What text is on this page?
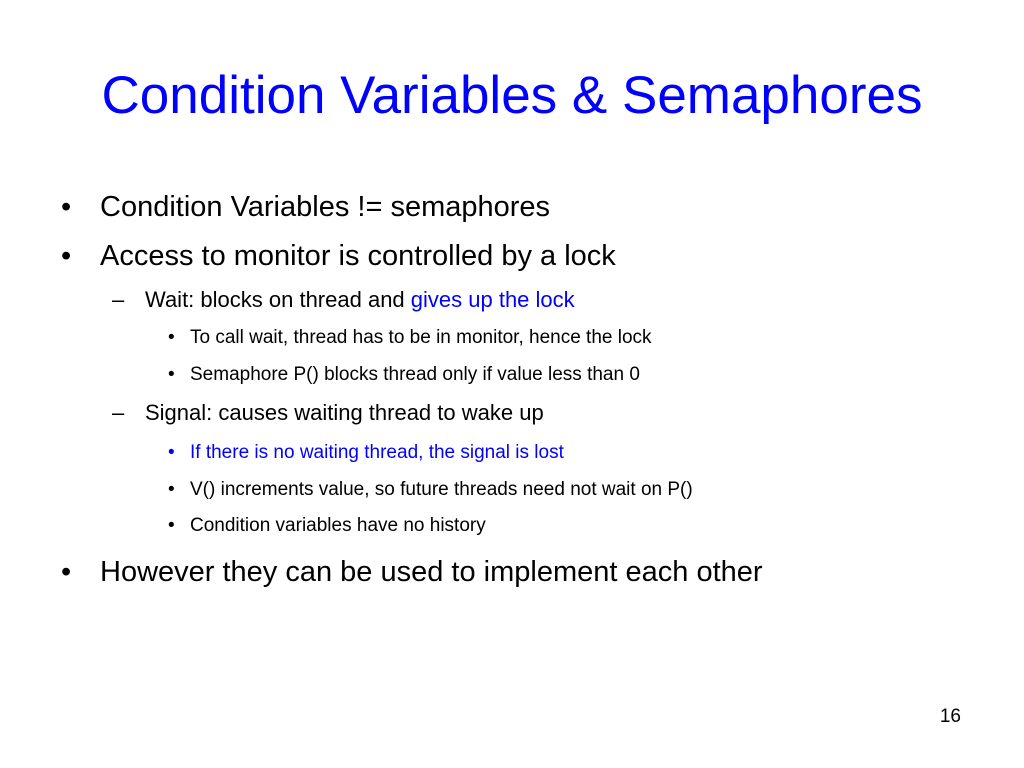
Condition Variables & Semaphores
• Condition Variables != semaphores
• Access to monitor is controlled by a lock
– Wait: blocks on thread and gives up the lock
• To call wait, thread has to be in monitor, hence the lock
• Semaphore P() blocks thread only if value less than 0
– Signal: causes waiting thread to wake up
• If there is no waiting thread, the signal is lost
• V() increments value, so future threads need not wait on P()
• Condition variables have no history
• However they can be used to implement each other
16
